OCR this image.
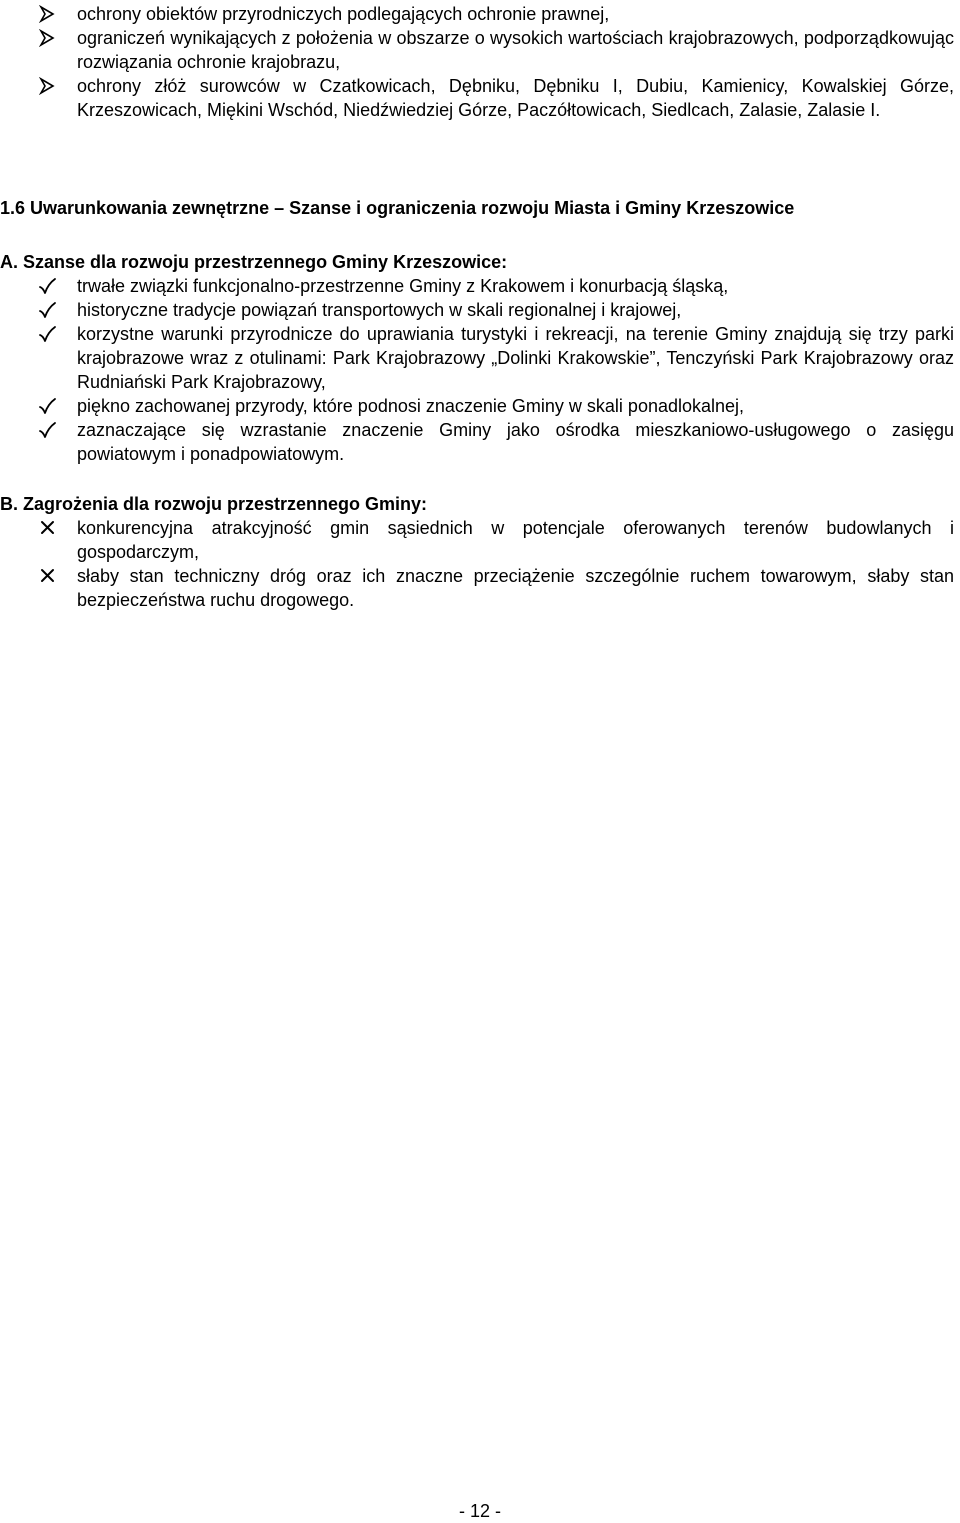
ochrony obiektów przyrodniczych podlegających ochronie prawnej,
ograniczeń wynikających z położenia w obszarze o wysokich wartościach krajobrazowych, podporządkowując rozwiązania ochronie krajobrazu,
ochrony złóż surowców w Czatkowicach, Dębniku, Dębniku I, Dubiu, Kamienicy, Kowalskiej Górze, Krzeszowicach, Miękini Wschód, Niedźwiedziej Górze, Paczółtowicach, Siedlcach, Zalasie, Zalasie I.
1.6 Uwarunkowania zewnętrzne – Szanse i ograniczenia rozwoju Miasta i Gminy Krzeszowice
A. Szanse dla rozwoju przestrzennego Gminy Krzeszowice:
trwałe związki funkcjonalno-przestrzenne Gminy z Krakowem i konurbacją śląską,
historyczne tradycje powiązań transportowych w skali regionalnej i krajowej,
korzystne warunki przyrodnicze do uprawiania turystyki i rekreacji, na terenie Gminy znajdują się trzy parki krajobrazowe wraz z otulinami: Park Krajobrazowy „Dolinki Krakowskie”, Tenczyński Park Krajobrazowy oraz Rudniański Park Krajobrazowy,
piękno zachowanej przyrody, które podnosi znaczenie Gminy w skali ponadlokalnej,
zaznaczające się wzrastanie znaczenie Gminy jako ośrodka mieszkaniowo-usługowego o zasięgu powiatowym i ponadpowiatowym.
B. Zagrożenia dla rozwoju przestrzennego Gminy:
konkurencyjna atrakcyjność gmin sąsiednich w potencjale oferowanych terenów budowlanych i gospodarczym,
słaby stan techniczny dróg oraz ich znaczne przeciążenie szczególnie ruchem towarowym, słaby stan bezpieczeństwa ruchu drogowego.
- 12 -
